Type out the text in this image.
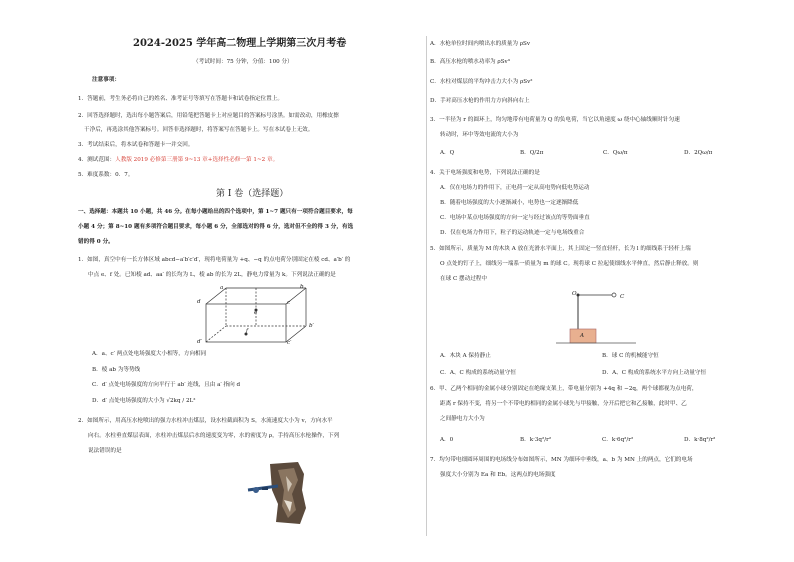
2024-2025 学年高二物理上学期第三次月考卷
（考试时间：75 分钟，分值：100 分）
注意事项：
1．答题前，考生务必将自己的姓名、准考证号等填写在答题卡和试卷指定位置上。
2．回答选择题时，选出每小题答案后，用铅笔把答题卡上对应题目的答案标号涂黑。如需改动，用橡皮擦
干净后，再选涂其他答案标号。回答非选择题时，将答案写在答题卡上。写在本试卷上无效。
3．考试结束后，将本试卷和答题卡一并交回。
4．测试范围：人教版 2019 必修第三册第 9~13 章+选择性必修一第 1~2 章。
5．难度系数：0．7。
第 Ⅰ 卷（选择题）
一、选择题：本题共 10 小题，共 46 分。在每小题给出的四个选项中，第 1~7 题只有一项符合题目要求，每
小题 4 分；第 8~10 题有多项符合题目要求，每小题 6 分，全部选对的得 6 分，选对但不全的得 3 分，有选
错的得 0 分。
1．如图，真空中有一长方体区域 abcd−a′b′c′d′，现将电荷量为 +q、−q 的点电荷分别固定在棱 cd、a′b′ 的
中点 e、f 处。已知棱 ad、aa′ 的长均为 L，棱 ab 的长为 2L，静电力常量为 k。下列说法正确的是
a	b
e
f
d	c
b′
c′
d′
A．a、c′ 两点处电场强度大小相等，方向相同
B．棱 ab 为等势线
C．d′ 点处电场强度的方向平行于 ab′ 连线，且由 a′ 指向 d
D．d′ 点处电场强度的大小为 √2kq / 2L²
2．如图所示，用高压水枪喷出的强力水柱冲击煤层，设水柱截面积为 S，水流速度大小为 v，方向水平
向右。水柱垂直煤层表面，水柱冲击煤层后水的速度变为零，水的密度为 ρ，手持高压水枪操作，下列
说法错误的是
A．水枪单位时间内喷出水的质量为 ρSv
B．高压水枪的喷水功率为 ρSv³
C．水柱对煤层的平均冲击力大小为 ρSv²
D．手对高压水枪的作用力方向斜向右上
3．一半径为 r 的圆环上，均匀地带有电荷量为 Q 的负电荷，当它以角速度 ω 绕中心轴线顺时针匀速
转动时，环中等效电流的大小为
A．Q	B．Q/2π	C．Qω/π	D．2Qω/π
4．关于电场强度和电势，下列说法正确的是
A．仅在电场力的作用下，正电荷一定从高电势向低电势运动
B．随着电场强度的大小逐渐减小，电势也一定逐渐降低
C．电场中某点电场强度的方向一定与经过该点的等势面垂直
D．仅在电场力作用下，粒子的运动轨迹一定与电场线重合
5．如图所示，质量为 M 的木块 A 放在光滑水平面上，其上固定一竖直轻杆，长为 l 的细线系于轻杆上端
O 点处的钉子上，细线另一端系一质量为 m 的球 C。现将球 C 拉起使细线水平伸直，然后静止释放。则
在球 C 摆动过程中
O	C
A
A．木块 A 保持静止	B．球 C 的机械能守恒
C．A、C 构成的系统动量守恒	D．A、C 构成的系统水平方向上动量守恒
6．甲、乙两个相同的金属小球分别固定在绝缘支架上，带电量分别为 +4q 和 −2q，两个球都视为点电荷，
距离 r 保持不变，将另一个不带电的相同的金属小球先与甲接触，分开后把它和乙接触，此时甲、乙
之间静电力大小为
A．0	B．k·3q²/r²	C．k·6q²/r²	D．k·8q²/r²
7．均匀带电细圆环周围的电场线分布如图所示，MN 为细环中垂线，a、b 为 MN 上的两点，它们的电场
强度大小分别为 Ea 和 Eb。这两点的电场强度
